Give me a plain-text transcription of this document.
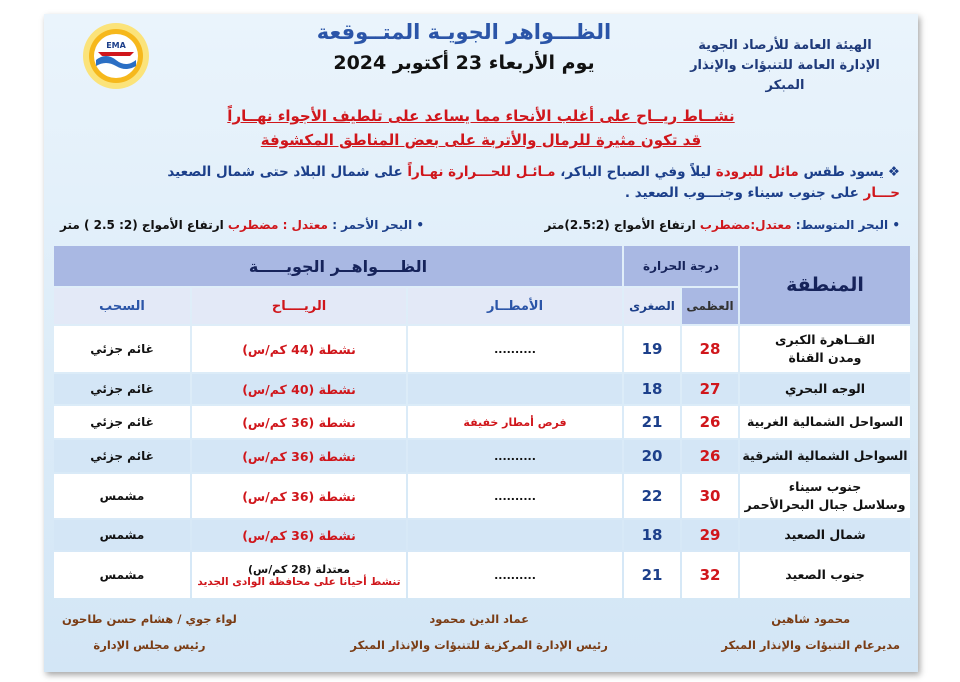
الهيئة العامة للأرصاد الجوية
الإدارة العامة للتنبؤات والإنذار المبكر
الظـــواهر الجويـة المتــوقعة
يوم الأربعاء 23 أكتوبر 2024
EMA
نشــاط ريــاح على أغلب الأنحاء مما يساعد على تلطيف الأجواء نهــاراً
قد تكون مثيرة للرمال والأتربة على بعض المناطق المكشوفة
❖يسود طقس مائل للبرودة ليلاً وفي الصباح الباكر، مـائـل للحـــرارة نهـاراً على شمال البلاد حتى شمال الصعيد
حـــار على جنوب سيناء وجنـــوب الصعيد .
• البحر المتوسط: معتدل:مضطرب ارتفاع الأمواج (2.5:2)متر
• البحر الأحمر : معتدل : مضطرب ارتفاع الأمواج (2: 2.5 ) متر
المنطقة	درجة الحرارة		الظــــواهــر الجويـــــة		
	العظمى	الصغرى	الأمطــار	الريــــاح	السحب
القــاهرة الكبرى
ومدن القناة	28	19	..........	نشطة (44 كم/س)	غائم جزئي
الوجه البحري	27	18		نشطة (40 كم/س)	غائم جزئي
السواحل الشمالية الغربية	26	21	فرص أمطار خفيفة	نشطة (36 كم/س)	غائم جزئي
السواحل الشمالية الشرقية	26	20	..........	نشطة (36 كم/س)	غائم جزئي
جنوب سيناء
وسلاسل جبال البحرالأحمر	30	22	..........	نشطة (36 كم/س)	مشمس
شمال الصعيد	29	18		نشطة (36 كم/س)	مشمس
جنوب الصعيد	32	21	..........	معتدلة (28 كم/س)
تنشط أحيانا على محافظة الوادى الجديد	مشمس
محمود شاهين
مديرعام التنبؤات والإنذار المبكر
عماد الدين محمود
رئيس الإدارة المركزية للتنبؤات والإنذار المبكر
لواء جوي / هشام حسن طاحون
رئيس مجلس الإدارة
